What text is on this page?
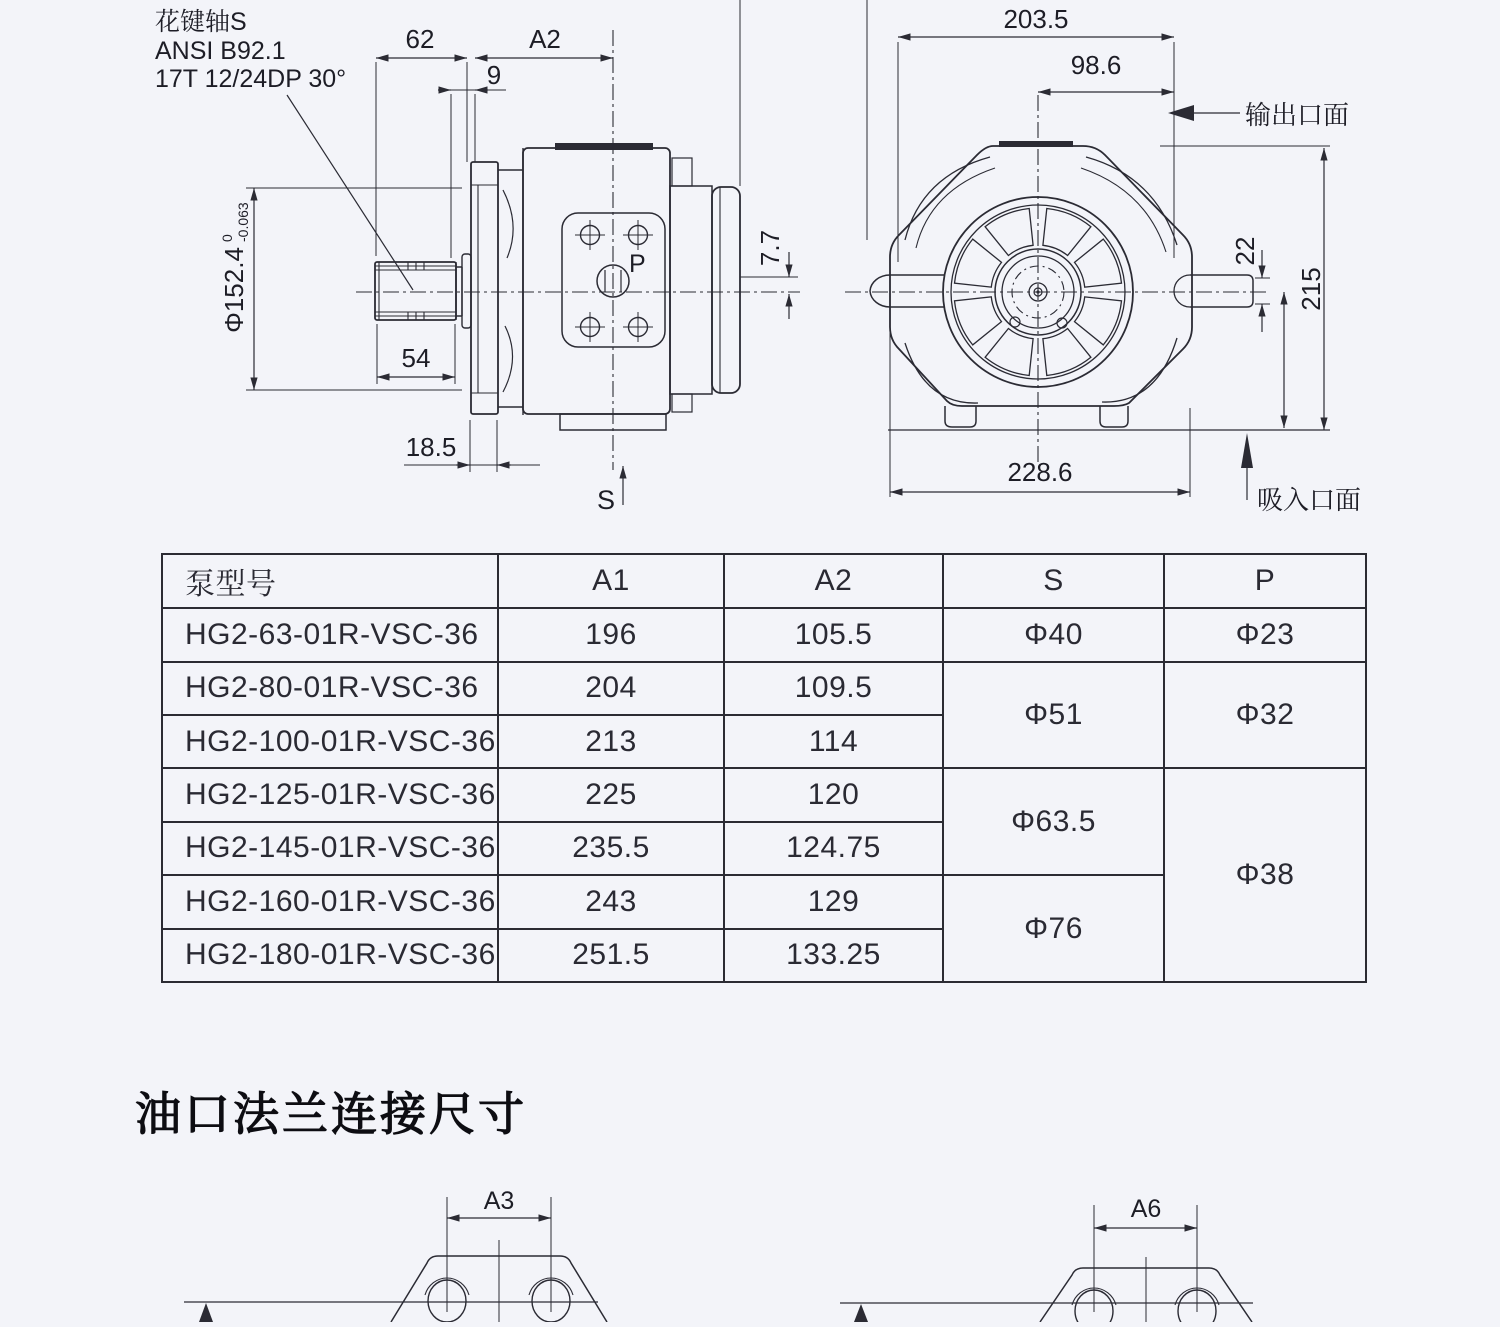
花键轴S
ANSI B92.1
17T 12/24DP 30°
62	A2
9
Φ152.4
0 -0.063
54
18.5
7.7
P
S
203.5
98.6
输出口面
22
215
228.6
吸入口面
A3	A6
泵型号	A1	A2	S	P
HG2-63-01R-VSC-36	196	105.5	Φ40	Φ23
HG2-80-01R-VSC-36	204	109.5	Φ51	Φ32
HG2-100-01R-VSC-36	213	114		
HG2-125-01R-VSC-36	225	120	Φ63.5	Φ38
HG2-145-01R-VSC-36	235.5	124.75		
HG2-160-01R-VSC-36	243	129	Φ76	
HG2-180-01R-VSC-36	251.5	133.25		
油口法兰连接尺寸
